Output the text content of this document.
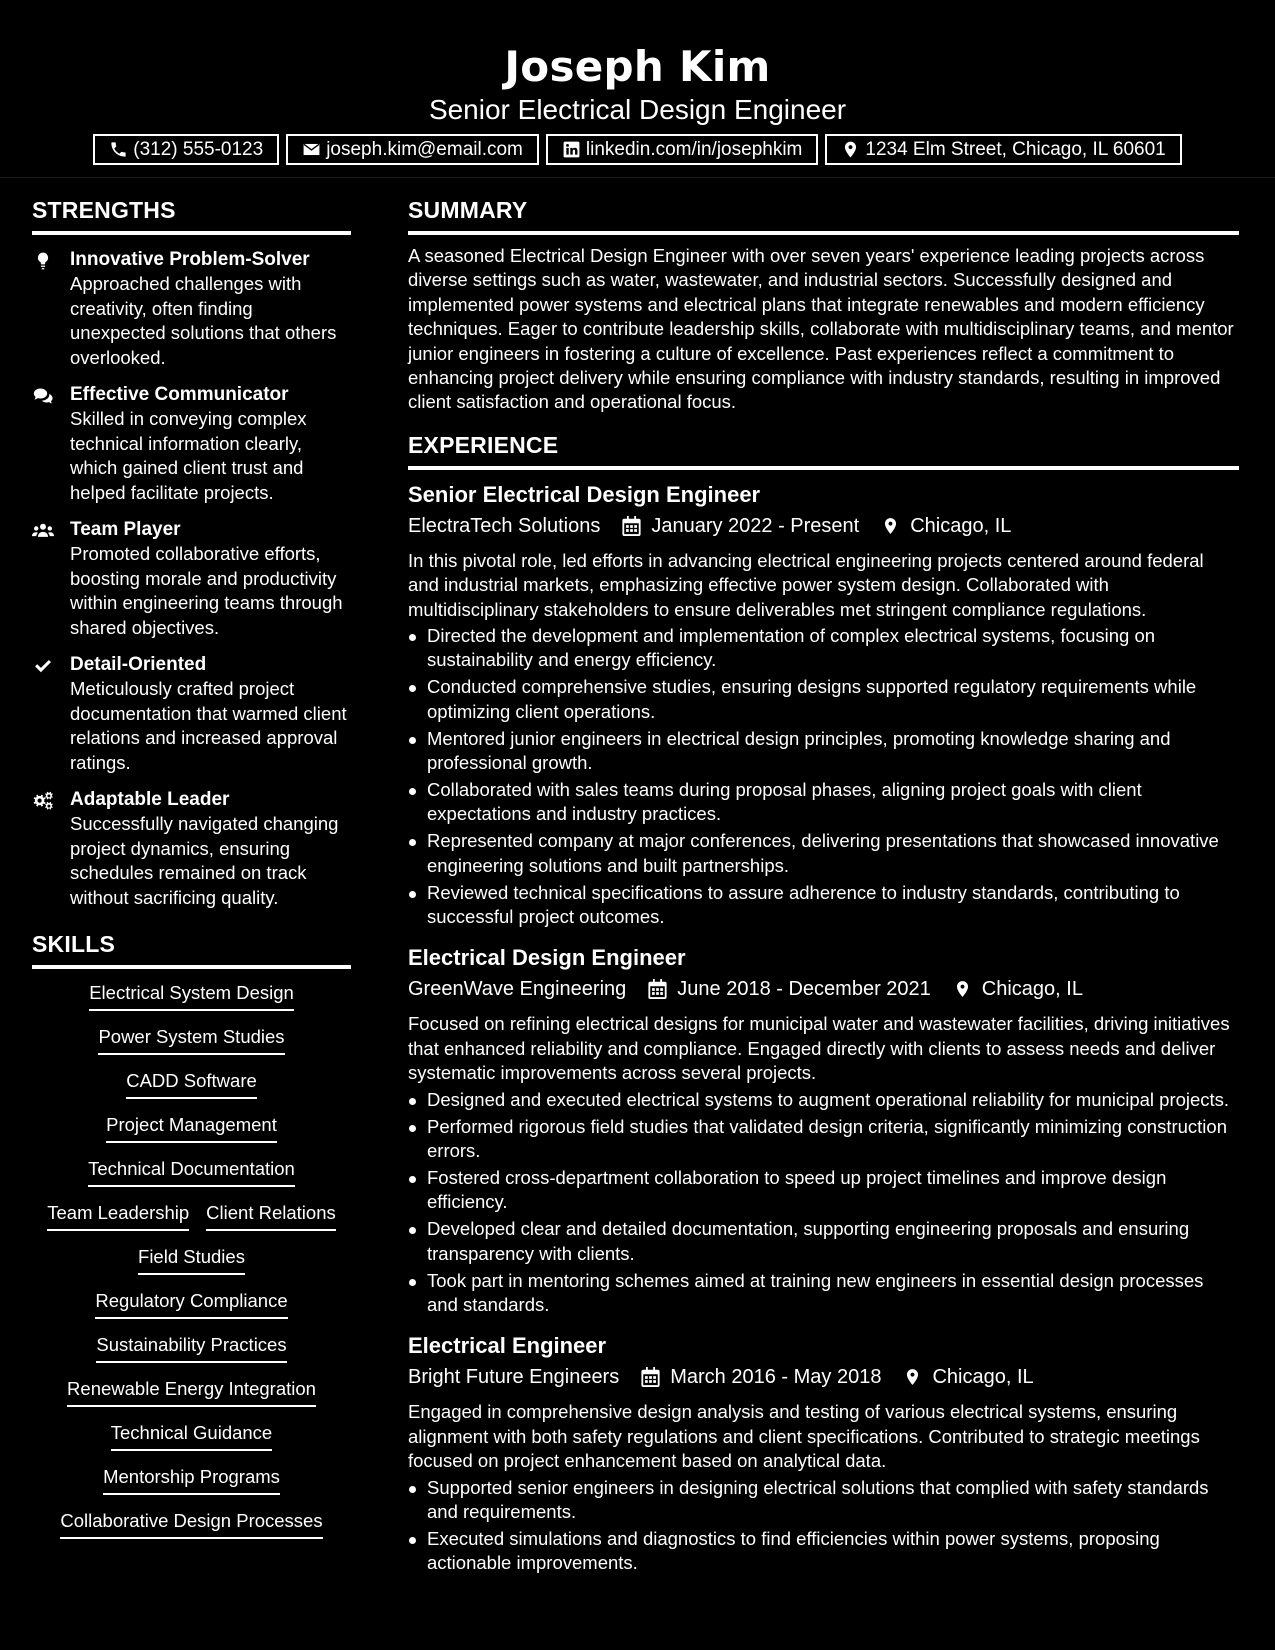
Joseph Kim
Senior Electrical Design Engineer
(312) 555-0123	joseph.kim@email.com	linkedin.com/in/josephkim	1234 Elm Street, Chicago, IL 60601
STRENGTHS
Innovative Problem-Solver
Approached challenges with creativity, often finding unexpected solutions that others overlooked.
Effective Communicator
Skilled in conveying complex technical information clearly, which gained client trust and helped facilitate projects.
Team Player
Promoted collaborative efforts, boosting morale and productivity within engineering teams through shared objectives.
Detail-Oriented
Meticulously crafted project documentation that warmed client relations and increased approval ratings.
Adaptable Leader
Successfully navigated changing project dynamics, ensuring schedules remained on track without sacrificing quality.
SKILLS
Electrical System Design
Power System Studies
CADD Software
Project Management
Technical Documentation
Team Leadership Client Relations
Field Studies
Regulatory Compliance
Sustainability Practices
Renewable Energy Integration
Technical Guidance
Mentorship Programs
Collaborative Design Processes
SUMMARY
A seasoned Electrical Design Engineer with over seven years' experience leading projects across diverse settings such as water, wastewater, and industrial sectors. Successfully designed and implemented power systems and electrical plans that integrate renewables and modern efficiency techniques. Eager to contribute leadership skills, collaborate with multidisciplinary teams, and mentor junior engineers in fostering a culture of excellence. Past experiences reflect a commitment to enhancing project delivery while ensuring compliance with industry standards, resulting in improved client satisfaction and operational focus.
EXPERIENCE
Senior Electrical Design Engineer
ElectraTech Solutions	January 2022 - Present	Chicago, IL
In this pivotal role, led efforts in advancing electrical engineering projects centered around federal and industrial markets, emphasizing effective power system design. Collaborated with multidisciplinary stakeholders to ensure deliverables met stringent compliance regulations.
Directed the development and implementation of complex electrical systems, focusing on sustainability and energy efficiency.
Conducted comprehensive studies, ensuring designs supported regulatory requirements while optimizing client operations.
Mentored junior engineers in electrical design principles, promoting knowledge sharing and professional growth.
Collaborated with sales teams during proposal phases, aligning project goals with client expectations and industry practices.
Represented company at major conferences, delivering presentations that showcased innovative engineering solutions and built partnerships.
Reviewed technical specifications to assure adherence to industry standards, contributing to successful project outcomes.
Electrical Design Engineer
GreenWave Engineering	June 2018 - December 2021	Chicago, IL
Focused on refining electrical designs for municipal water and wastewater facilities, driving initiatives that enhanced reliability and compliance. Engaged directly with clients to assess needs and deliver systematic improvements across several projects.
Designed and executed electrical systems to augment operational reliability for municipal projects.
Performed rigorous field studies that validated design criteria, significantly minimizing construction errors.
Fostered cross-department collaboration to speed up project timelines and improve design efficiency.
Developed clear and detailed documentation, supporting engineering proposals and ensuring transparency with clients.
Took part in mentoring schemes aimed at training new engineers in essential design processes and standards.
Electrical Engineer
Bright Future Engineers	March 2016 - May 2018	Chicago, IL
Engaged in comprehensive design analysis and testing of various electrical systems, ensuring alignment with both safety regulations and client specifications. Contributed to strategic meetings focused on project enhancement based on analytical data.
Supported senior engineers in designing electrical solutions that complied with safety standards and requirements.
Executed simulations and diagnostics to find efficiencies within power systems, proposing actionable improvements.
